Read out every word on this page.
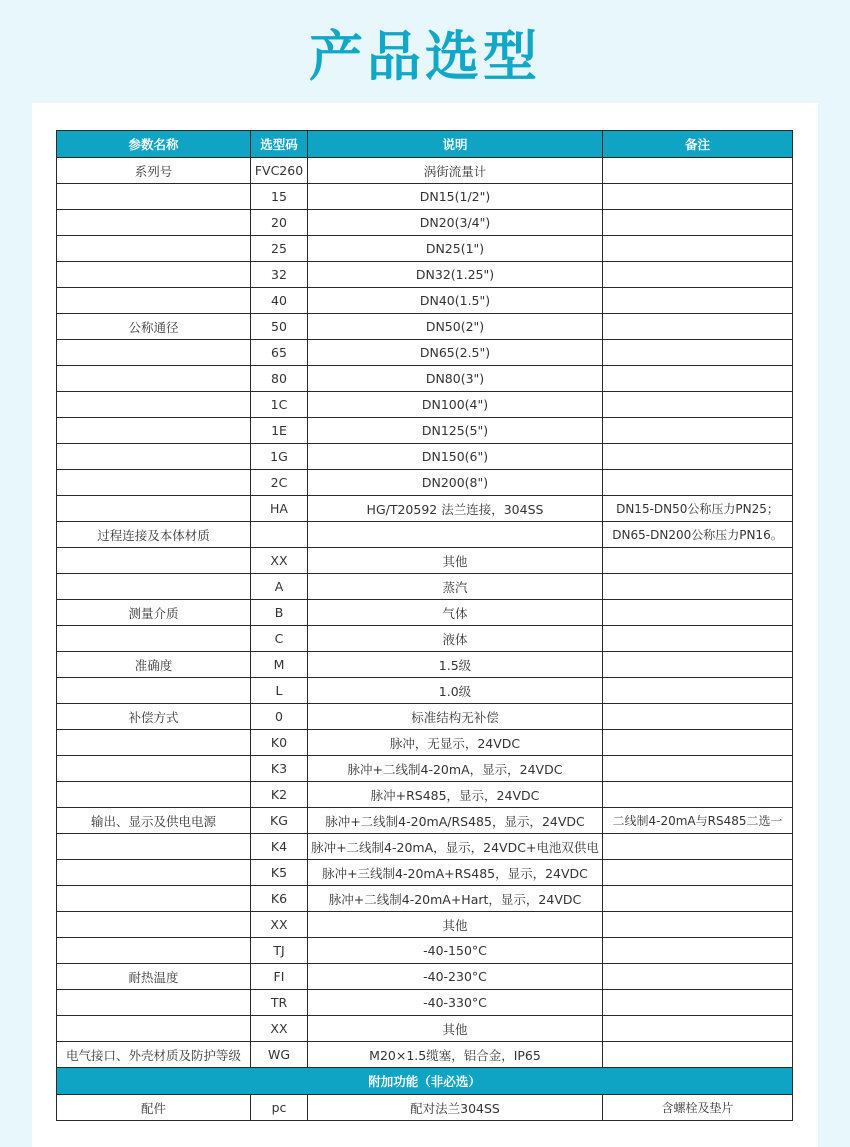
产品选型
参数名称	选型码	说明	备注
系列号	FVC260	涡街流量计	
	15	DN15(1/2")	
	20	DN20(3/4")	
	25	DN25(1")	
	32	DN32(1.25")	
	40	DN40(1.5")	
公称通径	50	DN50(2")	
	65	DN65(2.5")	
	80	DN80(3")	
	1C	DN100(4")	
	1E	DN125(5")	
	1G	DN150(6")	
	2C	DN200(8")	
	HA	HG/T20592 法兰连接，304SS	DN15-DN50公称压力PN25；
过程连接及本体材质			DN65-DN200公称压力PN16。
	XX	其他	
	A	蒸汽	
测量介质	B	气体	
	C	液体	
准确度	M	1.5级	
	L	1.0级	
补偿方式	0	标准结构无补偿	
	K0	脉冲，无显示，24VDC	
	K3	脉冲+二线制4-20mA，显示，24VDC	
	K2	脉冲+RS485，显示，24VDC	
输出、显示及供电电源	KG	脉冲+二线制4-20mA/RS485，显示，24VDC	二线制4-20mA与RS485二选一
	K4	脉冲+二线制4-20mA，显示，24VDC+电池双供电	
	K5	脉冲+三线制4-20mA+RS485，显示，24VDC	
	K6	脉冲+二线制4-20mA+Hart，显示，24VDC	
	XX	其他	
	TJ	-40-150°C	
耐热温度	FI	-40-230°C	
	TR	-40-330°C	
	XX	其他	
电气接口、外壳材质及防护等级	WG	M20×1.5缆塞，铝合金，IP65	
附加功能（非必选）			
配件	pc	配对法兰304SS	含螺栓及垫片
